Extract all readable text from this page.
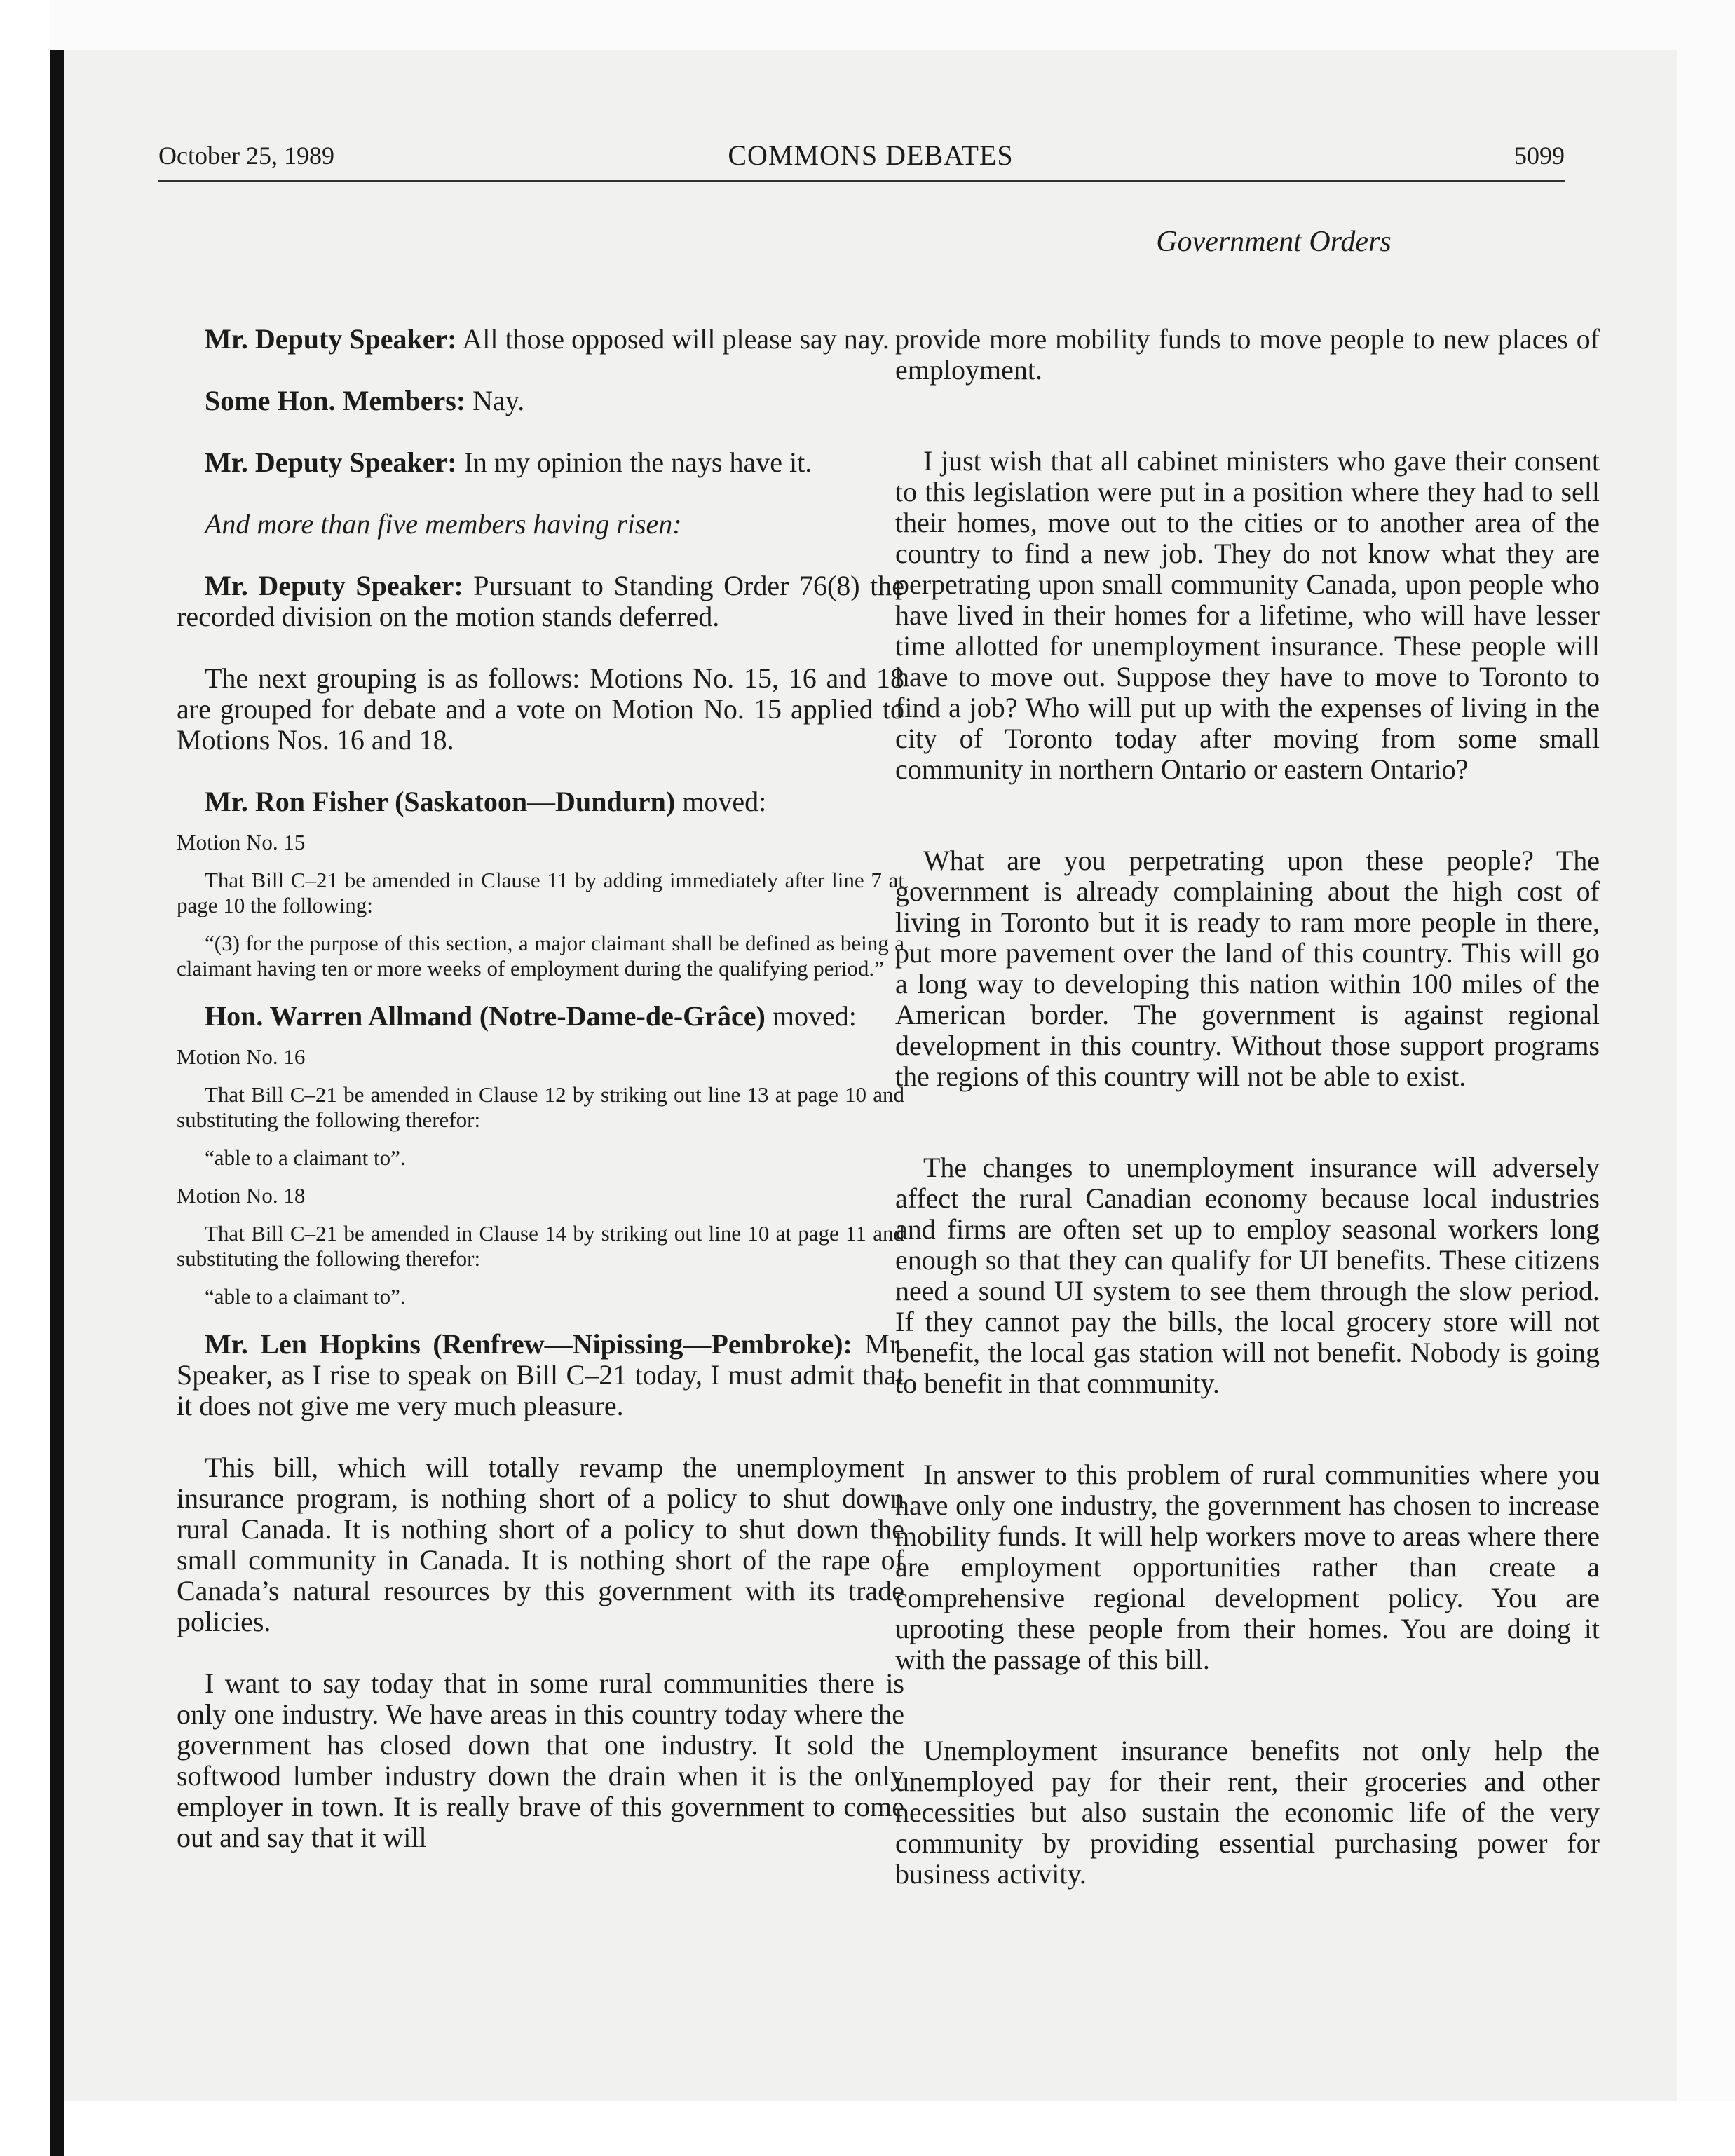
October 25, 1989	COMMONS DEBATES	5099
Government Orders

Mr. Deputy Speaker: All those opposed will please say nay.

Some Hon. Members: Nay.

Mr. Deputy Speaker: In my opinion the nays have it.

And more than five members having risen:

Mr. Deputy Speaker: Pursuant to Standing Order 76(8) the recorded division on the motion stands deferred.

The next grouping is as follows: Motions No. 15, 16 and 18 are grouped for debate and a vote on Motion No. 15 applied to Motions Nos. 16 and 18.

Mr. Ron Fisher (Saskatoon—Dundurn) moved:

Motion No. 15

That Bill C–21 be amended in Clause 11 by adding immediately after line 7 at page 10 the following:

“(3) for the purpose of this section, a major claimant shall be defined as being a claimant having ten or more weeks of employment during the qualifying period.”

Hon. Warren Allmand (Notre-Dame-de-Grâce) moved:

Motion No. 16

That Bill C–21 be amended in Clause 12 by striking out line 13 at page 10 and substituting the following therefor:

“able to a claimant to”.

Motion No. 18

That Bill C–21 be amended in Clause 14 by striking out line 10 at page 11 and substituting the following therefor:

“able to a claimant to”.

Mr. Len Hopkins (Renfrew—Nipissing—Pembroke): Mr. Speaker, as I rise to speak on Bill C–21 today, I must admit that it does not give me very much pleasure.

This bill, which will totally revamp the unemployment insurance program, is nothing short of a policy to shut down rural Canada. It is nothing short of a policy to shut down the small community in Canada. It is nothing short of the rape of Canada’s natural resources by this government with its trade policies.

I want to say today that in some rural communities there is only one industry. We have areas in this country today where the government has closed down that one industry. It sold the softwood lumber industry down the drain when it is the only employer in town. It is really brave of this government to come out and say that it will

provide more mobility funds to move people to new places of employment.

I just wish that all cabinet ministers who gave their consent to this legislation were put in a position where they had to sell their homes, move out to the cities or to another area of the country to find a new job. They do not know what they are perpetrating upon small community Canada, upon people who have lived in their homes for a lifetime, who will have lesser time allotted for unemployment insurance. These people will have to move out. Suppose they have to move to Toronto to find a job? Who will put up with the expenses of living in the city of Toronto today after moving from some small community in northern Ontario or eastern Ontario?

What are you perpetrating upon these people? The government is already complaining about the high cost of living in Toronto but it is ready to ram more people in there, put more pavement over the land of this country. This will go a long way to developing this nation within 100 miles of the American border. The government is against regional development in this country. Without those support programs the regions of this country will not be able to exist.

The changes to unemployment insurance will adversely affect the rural Canadian economy because local industries and firms are often set up to employ seasonal workers long enough so that they can qualify for UI benefits. These citizens need a sound UI system to see them through the slow period. If they cannot pay the bills, the local grocery store will not benefit, the local gas station will not benefit. Nobody is going to benefit in that community.

In answer to this problem of rural communities where you have only one industry, the government has chosen to increase mobility funds. It will help workers move to areas where there are employment opportunities rather than create a comprehensive regional development policy. You are uprooting these people from their homes. You are doing it with the passage of this bill.

Unemployment insurance benefits not only help the unemployed pay for their rent, their groceries and other necessities but also sustain the economic life of the very community by providing essential purchasing power for business activity.
